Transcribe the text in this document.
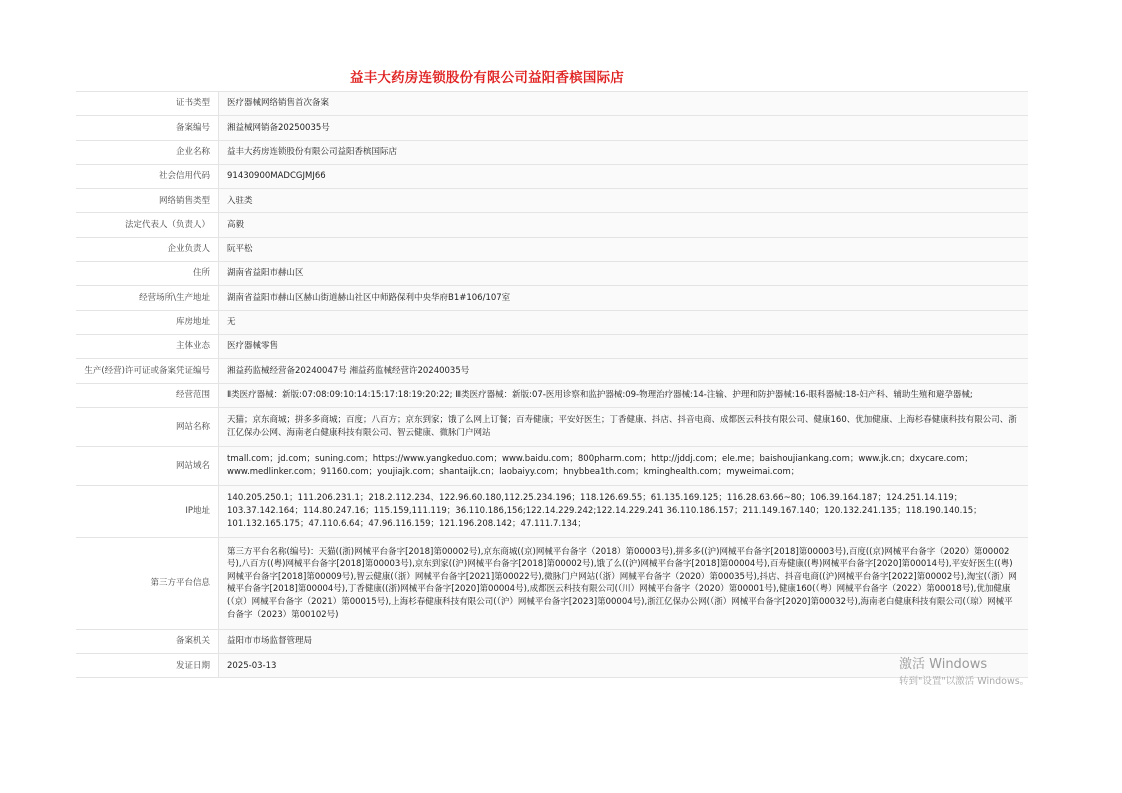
益丰大药房连锁股份有限公司益阳香槟国际店
证书类型	医疗器械网络销售首次备案
备案编号	湘益械网销备20250035号
企业名称	益丰大药房连锁股份有限公司益阳香槟国际店
社会信用代码	91430900MADCGJMJ66
网络销售类型	入驻类
法定代表人（负责人）	高毅
企业负责人	阮平松
住所	湖南省益阳市赫山区
经营场所\生产地址	湖南省益阳市赫山区赫山街道赫山社区中师路保利中央华府B1#106/107室
库房地址	无
主体业态	医疗器械零售
生产(经营)许可证或备案凭证编号	湘益药监械经营备20240047号 湘益药监械经营许20240035号
经营范围	Ⅱ类医疗器械：新版:07:08:09:10:14:15:17:18:19:20:22; Ⅲ类医疗器械：新版:07-医用诊察和监护器械:09-物理治疗器械:14-注输、护理和防护器械:16-眼科器械:18-妇产科、辅助生殖和避孕器械;
网站名称	天猫；京东商城；拼多多商城；百度；八百方；京东到家；饿了么网上订餐；百寿健康；平安好医生；丁香健康、抖店、抖音电商、成都医云科技有限公司、健康160、优加健康、上海杉春健康科技有限公司、浙江亿保办公网、海南老白健康科技有限公司、智云健康、微脉门户网站
网站域名	tmall.com；jd.com；suning.com；https://www.yangkeduo.com；www.baidu.com；800pharm.com；http://jddj.com；ele.me；baishoujiankang.com；www.jk.cn；dxycare.com；www.medlinker.com；91160.com；youjiajk.com；shantaijk.cn；laobaiyy.com；hnybbea1th.com；kminghealth.com；myweimai.com；
IP地址	140.205.250.1；111.206.231.1；218.2.112.234、122.96.60.180,112.25.234.196；118.126.69.55；61.135.169.125；116.28.63.66~80；106.39.164.187；124.251.14.119；103.37.142.164；114.80.247.16；115.159,111.119；36.110.186,156;122.14.229.242;122.14.229.241 36.110.186.157；211.149.167.140；120.132.241.135；118.190.140.15；101.132.165.175；47.110.6.64；47.96.116.159；121.196.208.142；47.111.7.134；
第三方平台信息	第三方平台名称(编号)：天猫((浙)网械平台备字[2018]第00002号),京东商城((京)网械平台备字（2018）第00003号),拼多多((沪)网械平台备字[2018]第00003号),百度((京)网械平台备字（2020）第00002号),八百方((粤)网械平台备字[2018]第00003号),京东到家((沪)网械平台备字[2018]第00002号),饿了么((沪)网械平台备字[2018]第00004号),百寿健康((粤)网械平台备字[2020]第00014号),平安好医生((粤)网械平台备字[2018]第00009号),智云健康(（浙）网械平台备字[2021]第00022号),微脉门户网站(（浙）网械平台备字（2020）第00035号),抖店、抖音电商((沪)网械平台备字[2022]第00002号),淘宝(（浙）网械平台备字[2018]第00004号),丁香健康((浙)网械平台备字[2020]第00004号),成都医云科技有限公司(（川）网械平台备字（2020）第00001号),健康160(（粤）网械平台备字（2022）第00018号),优加健康(（京）网械平台备字（2021）第00015号),上海杉春健康科技有限公司(（沪）网械平台备字[2023]第00004号),浙江亿保办公网(（浙）网械平台备字[2020]第00032号),海南老白健康科技有限公司(（琼）网械平台备字（2023）第00102号)
备案机关	益阳市市场监督管理局
发证日期	2025-03-13	激活 Windows
转到"设置"以激活 Windows。
